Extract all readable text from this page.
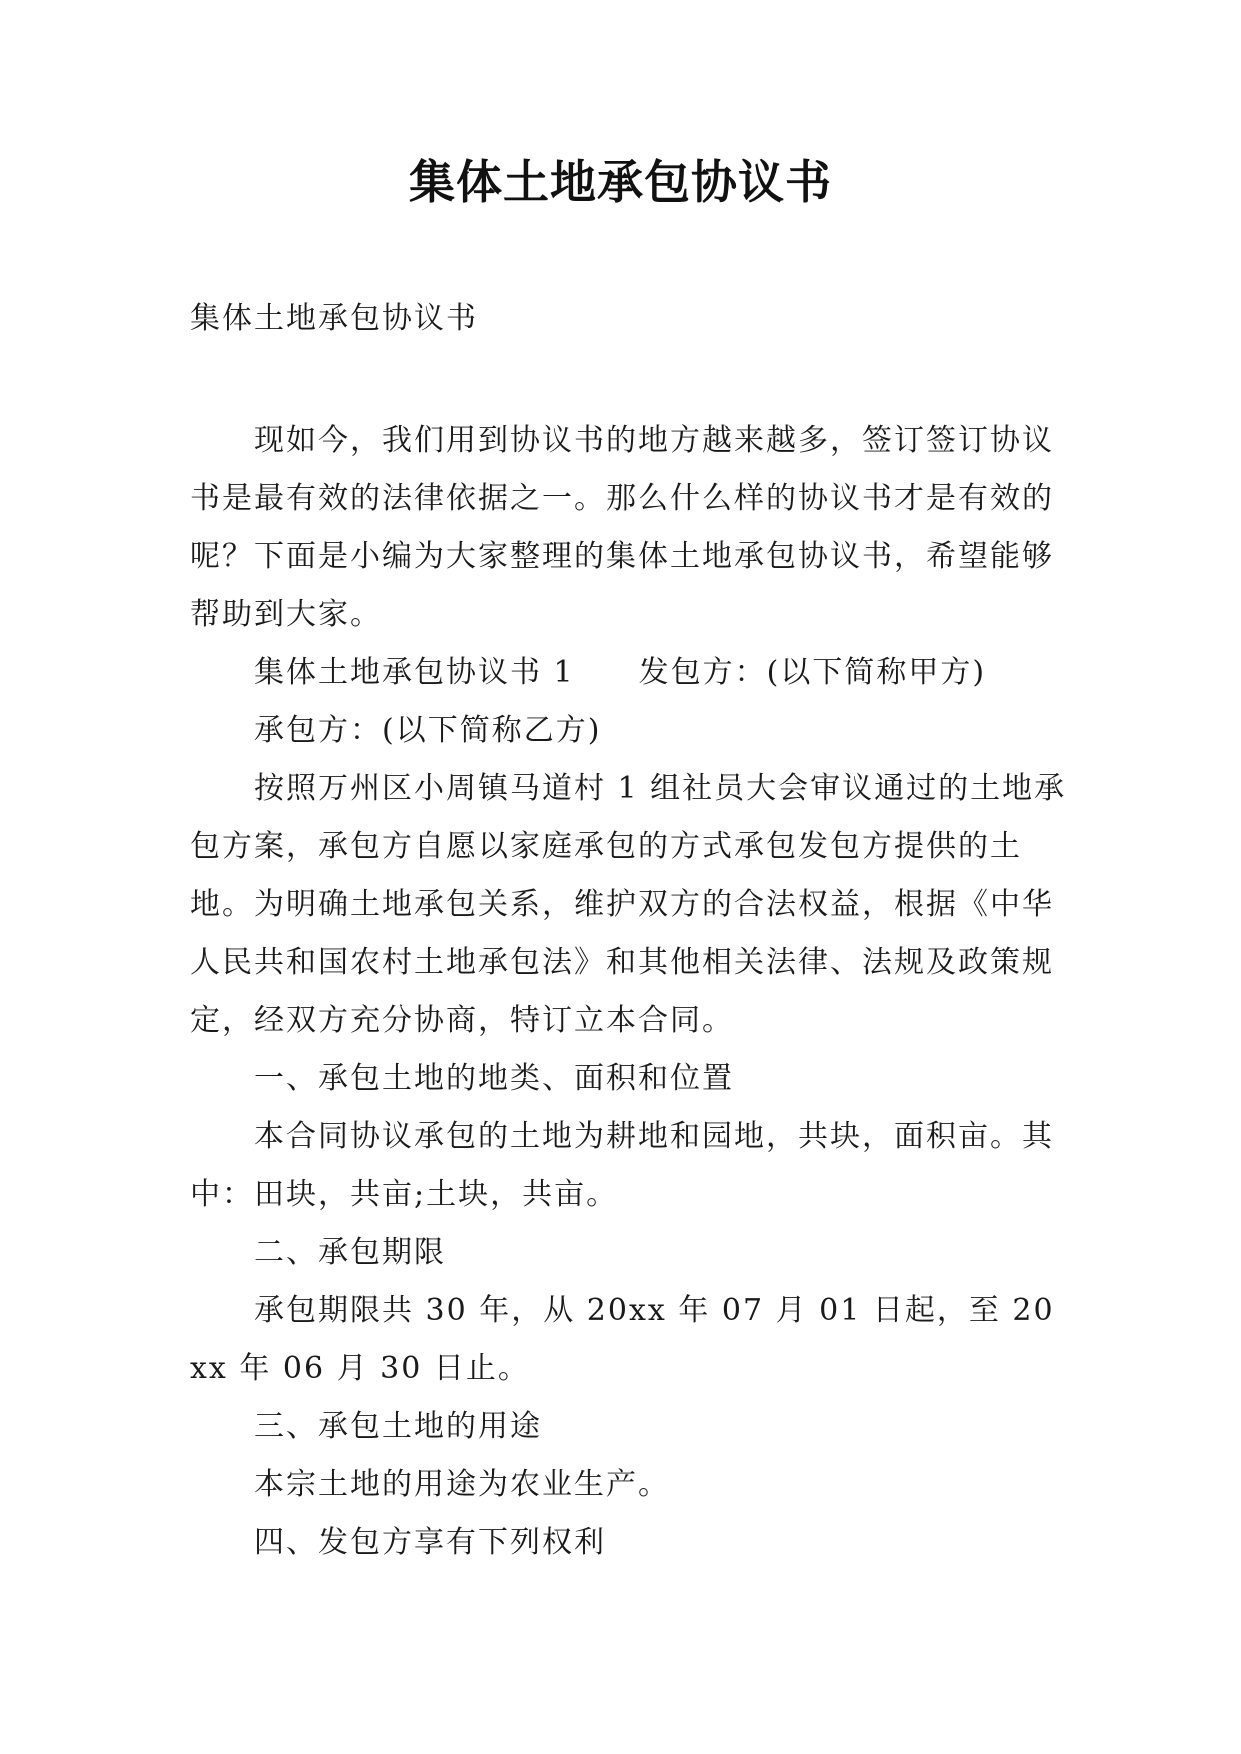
集体土地承包协议书

集体土地承包协议书

现如今，我们用到协议书的地方越来越多，签订签订协议书是最有效的法律依据之一。那么什么样的协议书才是有效的呢？下面是小编为大家整理的集体土地承包协议书，希望能够帮助到大家。

集体土地承包协议书 1　　发包方：(以下简称甲方)

承包方：(以下简称乙方)

按照万州区小周镇马道村 1 组社员大会审议通过的土地承包方案，承包方自愿以家庭承包的方式承包发包方提供的土地。为明确土地承包关系，维护双方的合法权益，根据《中华人民共和国农村土地承包法》和其他相关法律、法规及政策规定，经双方充分协商，特订立本合同。

一、承包土地的地类、面积和位置

本合同协议承包的土地为耕地和园地，共块，面积亩。其中：田块，共亩;土块，共亩。

二、承包期限

承包期限共 30 年，从 20xx 年 07 月 01 日起，至 20xx 年 06 月 30 日止。

三、承包土地的用途

本宗土地的用途为农业生产。

四、发包方享有下列权利
